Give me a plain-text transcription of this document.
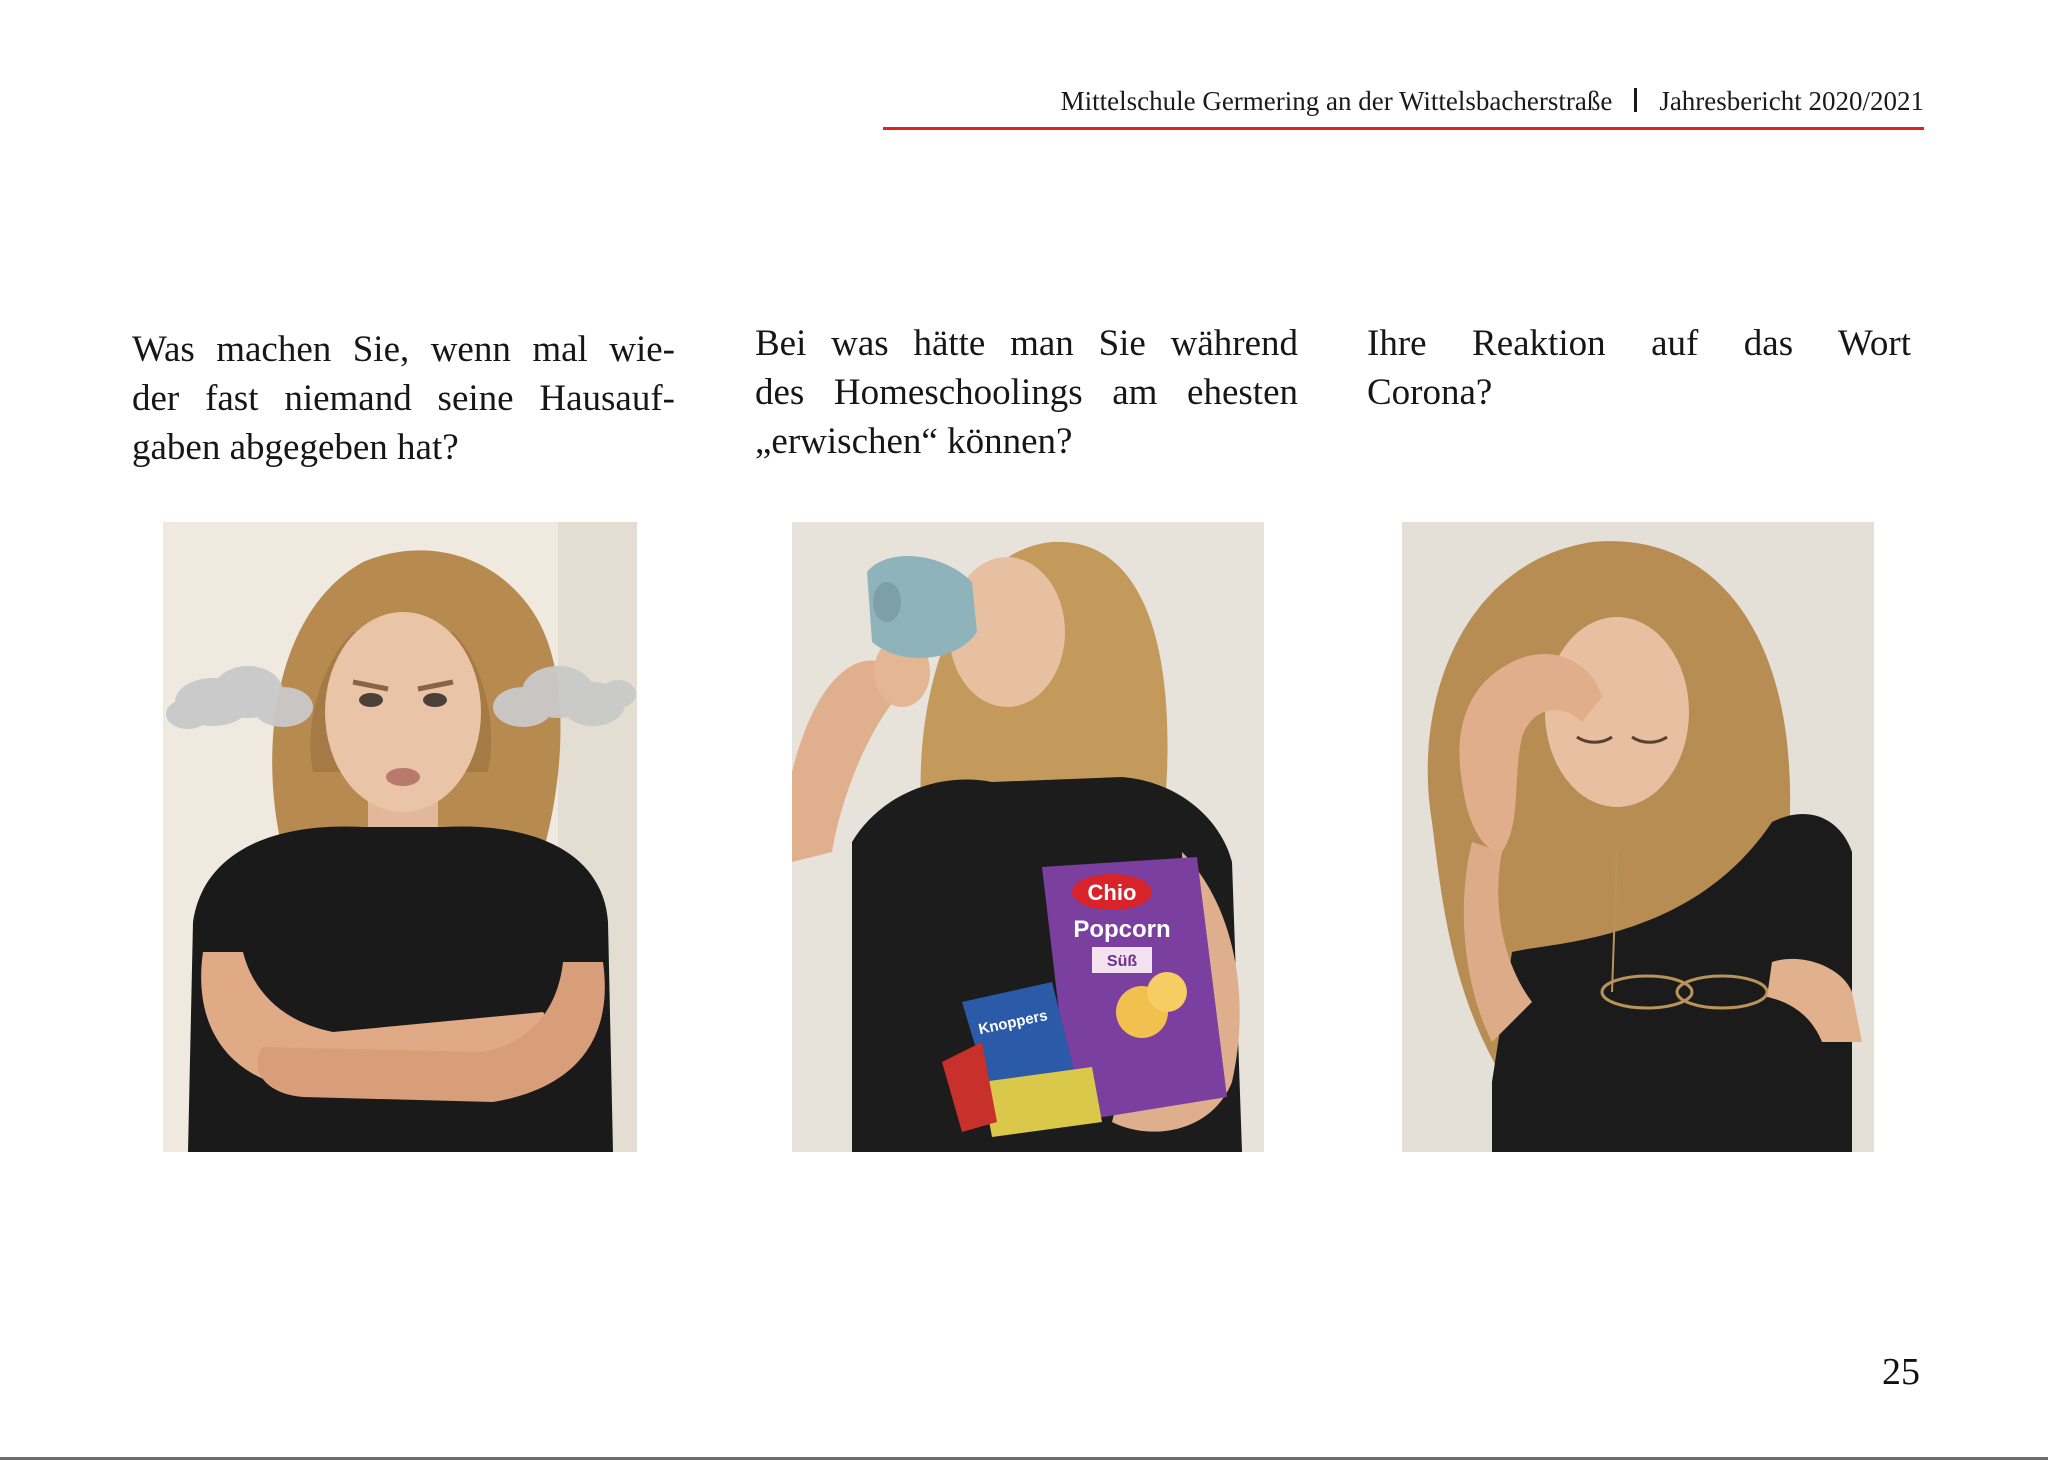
Mittelschule Germering an der Wittelsbacherstraße Jahresbericht 2020/2021

Was machen Sie, wenn mal wie-
der fast niemand seine Hausauf-
gaben abgegeben hat?

Bei was hätte man Sie während
des Homeschoolings am ehesten
„erwischen“ können?

Ihre Reaktion auf das Wort
Corona?

Chio
Popcorn
Süß
Knoppers
25
